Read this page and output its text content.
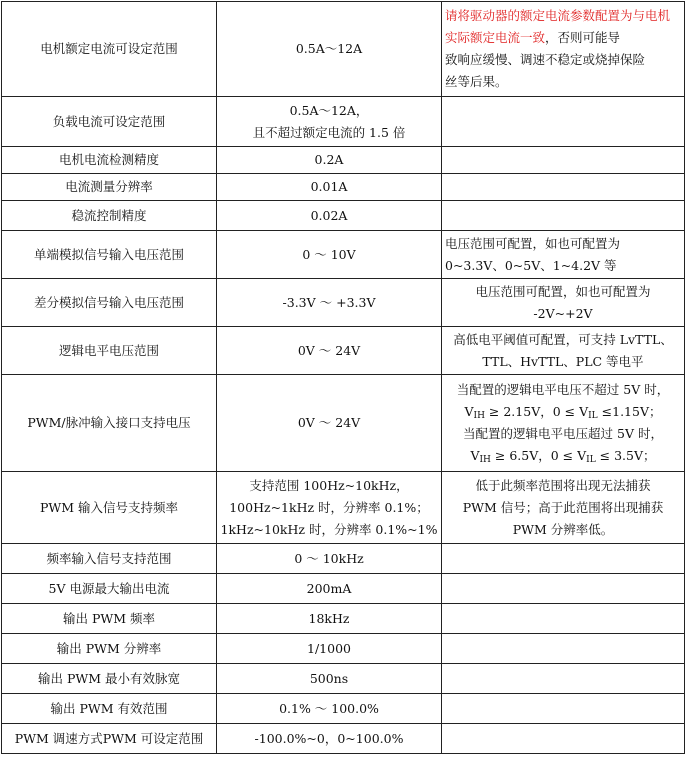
电机额定电流可设定范围	0.5A～12A	请将驱动器的额定电流参数配置为与电机实际额定电流一致，否则可能导
致响应缓慢、调速不稳定或烧掉保险
丝等后果。
负载电流可设定范围	0.5A～12A，
且不超过额定电流的 1.5 倍	

电机电流检测精度	0.2A	
电流测量分辨率	0.01A	
稳流控制精度	0.02A	
单端模拟信号输入电压范围	0 ～ 10V	电压范围可配置，如也可配置为
0~3.3V、0~5V、1~4.2V 等

差分模拟信号输入电压范围	-3.3V ～ +3.3V	电压范围可配置，如也可配置为
-2V~+2V

逻辑电平电压范围	0V ～ 24V	高低电平阈值可配置，可支持 LvTTL、
TTL、HvTTL、PLC 等电平

PWM/脉冲输入接口支持电压	0V ～ 24V	当配置的逻辑电平电压不超过 5V 时，
$V_{IH} \ge 2.15V$，$0 \le V_{IL} \le 1.15V$；
当配置的逻辑电平电压超过 5V 时，
$V_{IH} \ge 6.5V$，$0 \le V_{IL} \le 3.5V$；

PWM 输入信号支持频率	支持范围 100Hz~10kHz，
100Hz~1kHz 时，分辨率 0.1%；
1kHz~10kHz 时，分辨率 0.1%~1%	低于此频率范围将出现无法捕获
PWM 信号；高于此范围将出现捕获
PWM 分辨率低。

频率输入信号支持范围	0 ～ 10kHz	
5V 电源最大输出电流	200mA	
输出 PWM 频率	18kHz	
输出 PWM 分辨率	1/1000	
输出 PWM 最小有效脉宽	500ns	
输出 PWM 有效范围	0.1% ～ 100.0%	
PWM 调速方式PWM 可设定范围	-100.0%~0，0~100.0%	
